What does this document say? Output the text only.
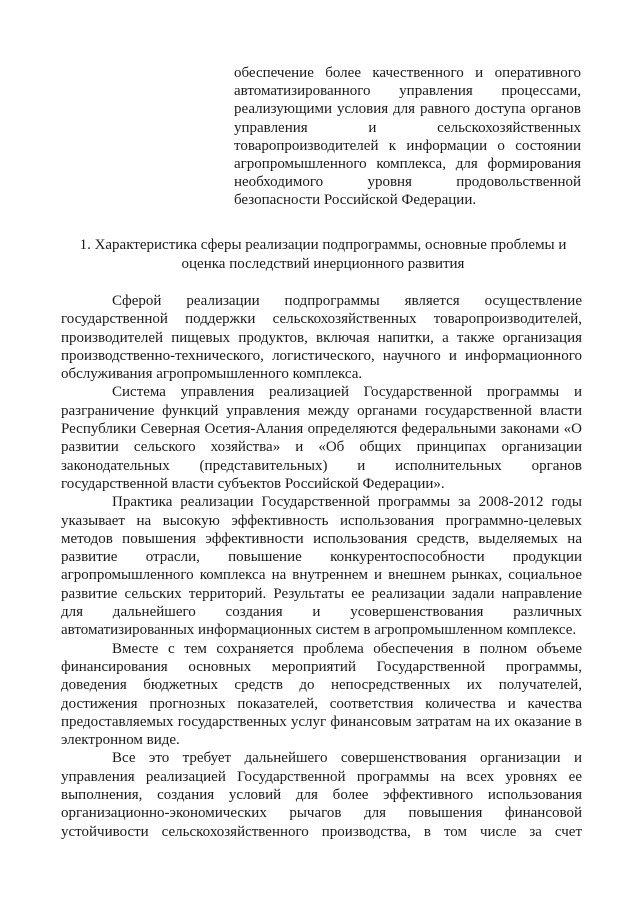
обеспечение более качественного и оперативного автоматизированного управления процессами, реализующими условия для равного доступа органов управления и сельскохозяйственных товаропроизводителей к информации о состоянии агропромышленного комплекса, для формирования необходимого уровня продовольственной безопасности Российской Федерации.

1. Характеристика сферы реализации подпрограммы, основные проблемы и

оценка последствий инерционного развития

Сферой реализации подпрограммы является осуществление государственной поддержки сельскохозяйственных товаропроизводителей, производителей пищевых продуктов, включая напитки, а также организация производственно-технического, логистического, научного и информационного обслуживания агропромышленного комплекса.

Система управления реализацией Государственной программы и разграничение функций управления между органами государственной власти Республики Северная Осетия-Алания определяются федеральными законами «О развитии сельского хозяйства» и «Об общих принципах организации законодательных (представительных) и исполнительных органов государственной власти субъектов Российской Федерации».

Практика реализации Государственной программы за 2008-2012 годы указывает на высокую эффективность использования программно-целевых методов повышения эффективности использования средств, выделяемых на развитие отрасли, повышение конкурентоспособности продукции агропромышленного комплекса на внутреннем и внешнем рынках, социальное развитие сельских территорий. Результаты ее реализации задали направление для дальнейшего создания и усовершенствования различных автоматизированных информационных систем в агропромышленном комплексе.

Вместе с тем сохраняется проблема обеспечения в полном объеме финансирования основных мероприятий Государственной программы, доведения бюджетных средств до непосредственных их получателей, достижения прогнозных показателей, соответствия количества и качества предоставляемых государственных услуг финансовым затратам на их оказание в электронном виде.

Все это требует дальнейшего совершенствования организации и управления реализацией Государственной программы на всех уровнях ее выполнения, создания условий для более эффективного использования организационно-экономических рычагов для повышения финансовой устойчивости сельскохозяйственного производства, в том числе за счет
